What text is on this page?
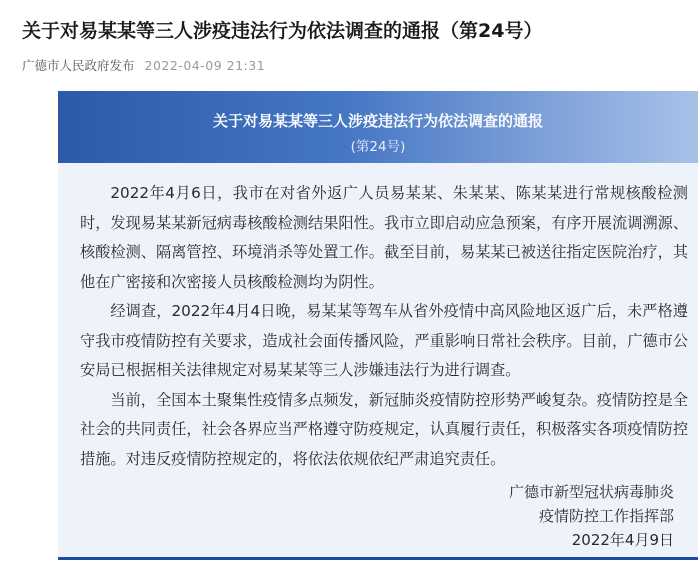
关于对易某某等三人涉疫违法行为依法调查的通报（第24号）
广德市人民政府发布 2022-04-09 21:31
关于对易某某等三人涉疫违法行为依法调查的通报
(第24号)

2022年4月6日，我市在对省外返广人员易某某、朱某某、陈某某进行常规核酸检测时，发现易某某新冠病毒核酸检测结果阳性。我市立即启动应急预案，有序开展流调溯源、核酸检测、隔离管控、环境消杀等处置工作。截至目前，易某某已被送往指定医院治疗，其他在广密接和次密接人员核酸检测均为阴性。

经调查，2022年4月4日晚，易某某等驾车从省外疫情中高风险地区返广后，未严格遵守我市疫情防控有关要求，造成社会面传播风险，严重影响日常社会秩序。目前，广德市公安局已根据相关法律规定对易某某等三人涉嫌违法行为进行调查。

当前，全国本土聚集性疫情多点频发，新冠肺炎疫情防控形势严峻复杂。疫情防控是全社会的共同责任，社会各界应当严格遵守防疫规定，认真履行责任，积极落实各项疫情防控措施。对违反疫情防控规定的，将依法依规依纪严肃追究责任。

广德市新型冠状病毒肺炎
疫情防控工作指挥部
2022年4月9日
